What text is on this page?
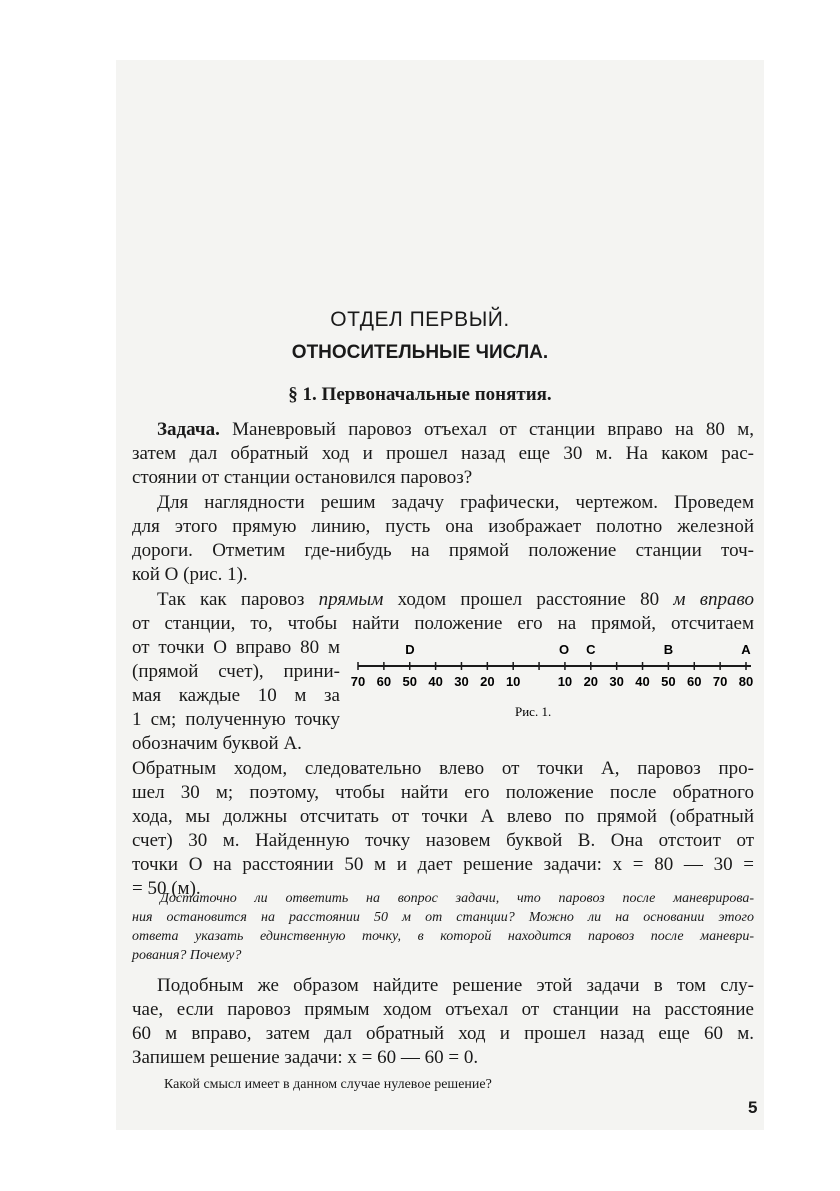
ОТДЕЛ ПЕРВЫЙ.
ОТНОСИТЕЛЬНЫЕ ЧИСЛА.
§ 1. Первоначальные понятия.
Задача. Маневровый паровоз отъехал от станции вправо на 80 м,
затем дал обратный ход и прошел назад еще 30 м. На каком рас-
стоянии от станции остановился паровоз?
Для наглядности решим задачу графически, чертежом. Проведем
для этого прямую линию, пусть она изображает полотно железной
дороги. Отметим где-нибудь на прямой положение станции точ-
кой О (рис. 1).
Так как паровоз прямым ходом прошел расстояние 80 м вправо
от станции, то, чтобы найти положение его на прямой, отсчитаем
от точки О вправо 80 м
(прямой счет), прини-
мая каждые 10 м за
1 см; полученную точку
обозначим буквой А.
D	O C	B	A
70 60 50 40 30 20 10	10 20 30 40 50 60 70 80
Рис. 1.
Обратным ходом, следовательно влево от точки А, паровоз про-
шел 30 м; поэтому, чтобы найти его положение после обратного
хода, мы должны отсчитать от точки А влево по прямой (обратный
счет) 30 м. Найденную точку назовем буквой В. Она отстоит от
точки О на расстоянии 50 м и дает решение задачи: x = 80 — 30 =
= 50 (м).
Достаточно ли ответить на вопрос задачи, что паровоз после маневрирова-
ния остановится на расстоянии 50 м от станции? Можно ли на основании этого
ответа указать единственную точку, в которой находится паровоз после маневри-
рования? Почему?
Подобным же образом найдите решение этой задачи в том слу-
чае, если паровоз прямым ходом отъехал от станции на расстояние
60 м вправо, затем дал обратный ход и прошел назад еще 60 м.
Запишем решение задачи: x = 60 — 60 = 0.
Какой смысл имеет в данном случае нулевое решение?
5
